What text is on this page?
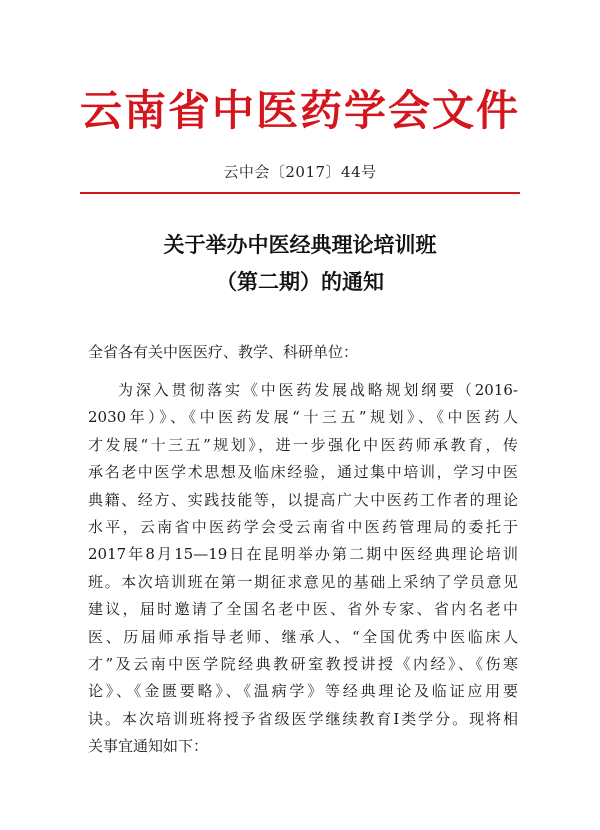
云南省中医药学会文件
云中会〔2017〕44号
关于举办中医经典理论培训班
（第二期）的通知
全省各有关中医医疗、教学、科研单位：
为深入贯彻落实《中医药发展战略规划纲要（2016-
2030年）》、《中医药发展“十三五”规划》、《中医药人
才发展“十三五”规划》，进一步强化中医药师承教育，传
承名老中医学术思想及临床经验，通过集中培训，学习中医
典籍、经方、实践技能等，以提高广大中医药工作者的理论
水平，云南省中医药学会受云南省中医药管理局的委托于
2017年8月15—19日在昆明举办第二期中医经典理论培训
班。本次培训班在第一期征求意见的基础上采纳了学员意见
建议，届时邀请了全国名老中医、省外专家、省内名老中
医、历届师承指导老师、继承人、“全国优秀中医临床人
才”及云南中医学院经典教研室教授讲授《内经》、《伤寒
论》、《金匮要略》、《温病学》等经典理论及临证应用要
诀。本次培训班将授予省级医学继续教育Ⅰ类学分。现将相
关事宜通知如下：
